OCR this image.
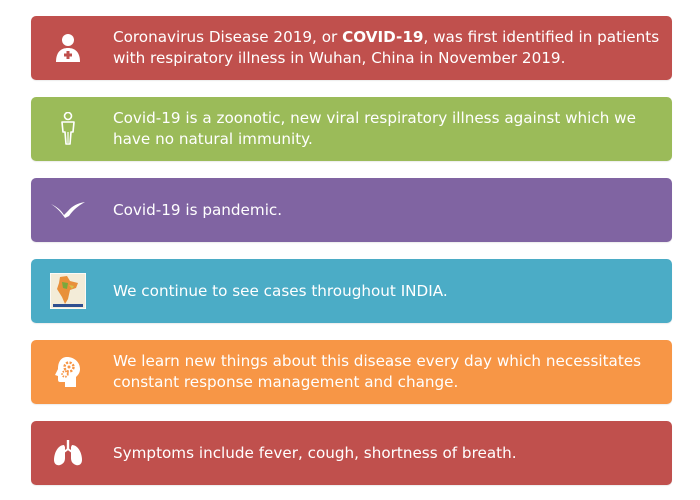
Coronavirus Disease 2019, or COVID-19, was first identified in patients with respiratory illness in Wuhan, China in November 2019.
Covid-19 is a zoonotic, new viral respiratory illness against which we have no natural immunity.
Covid-19 is pandemic.
We continue to see cases throughout INDIA.
We learn new things about this disease every day which necessitates constant response management and change.
Symptoms include fever, cough, shortness of breath.
